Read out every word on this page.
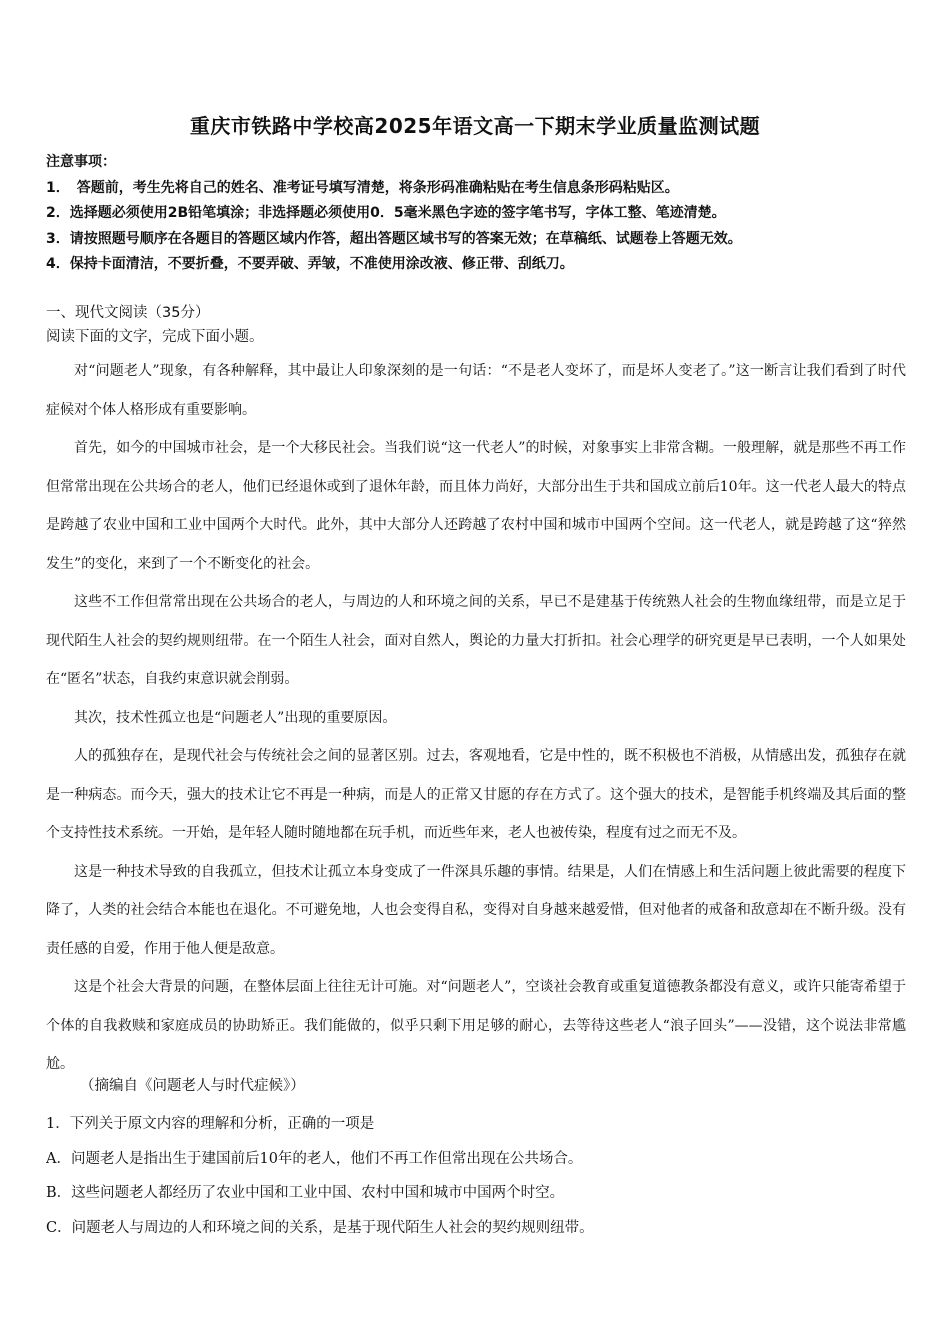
重庆市铁路中学校高2025年语文高一下期末学业质量监测试题

注意事项：

1．　答题前，考生先将自己的姓名、准考证号填写清楚，将条形码准确粘贴在考生信息条形码粘贴区。

2．选择题必须使用2B铅笔填涂；非选择题必须使用0．5毫米黑色字迹的签字笔书写，字体工整、笔迹清楚。

3．请按照题号顺序在各题目的答题区域内作答，超出答题区域书写的答案无效；在草稿纸、试题卷上答题无效。

4．保持卡面清洁，不要折叠，不要弄破、弄皱，不准使用涂改液、修正带、刮纸刀。

一、现代文阅读（35分）
阅读下面的文字，完成下面小题。

对“问题老人”现象，有各种解释，其中最让人印象深刻的是一句话：“不是老人变坏了，而是坏人变老了。”这一断言让我们看到了时代症候对个体人格形成有重要影响。

首先，如今的中国城市社会，是一个大移民社会。当我们说“这一代老人”的时候，对象事实上非常含糊。一般理解，就是那些不再工作但常常出现在公共场合的老人，他们已经退休或到了退休年龄，而且体力尚好，大部分出生于共和国成立前后10年。这一代老人最大的特点是跨越了农业中国和工业中国两个大时代。此外，其中大部分人还跨越了农村中国和城市中国两个空间。这一代老人，就是跨越了这“猝然发生”的变化，来到了一个不断变化的社会。

这些不工作但常常出现在公共场合的老人，与周边的人和环境之间的关系，早已不是建基于传统熟人社会的生物血缘纽带，而是立足于现代陌生人社会的契约规则纽带。在一个陌生人社会，面对自然人，舆论的力量大打折扣。社会心理学的研究更是早已表明，一个人如果处在“匿名”状态，自我约束意识就会削弱。

其次，技术性孤立也是“问题老人”出现的重要原因。

人的孤独存在，是现代社会与传统社会之间的显著区别。过去，客观地看，它是中性的，既不积极也不消极，从情感出发，孤独存在就是一种病态。而今天，强大的技术让它不再是一种病，而是人的正常又甘愿的存在方式了。这个强大的技术，是智能手机终端及其后面的整个支持性技术系统。一开始，是年轻人随时随地都在玩手机，而近些年来，老人也被传染，程度有过之而无不及。

这是一种技术导致的自我孤立，但技术让孤立本身变成了一件深具乐趣的事情。结果是，人们在情感上和生活问题上彼此需要的程度下降了，人类的社会结合本能也在退化。不可避免地，人也会变得自私，变得对自身越来越爱惜，但对他者的戒备和敌意却在不断升级。没有责任感的自爱，作用于他人便是敌意。

这是个社会大背景的问题，在整体层面上往往无计可施。对“问题老人”，空谈社会教育或重复道德教条都没有意义，或许只能寄希望于个体的自我救赎和家庭成员的协助矫正。我们能做的，似乎只剩下用足够的耐心，去等待这些老人“浪子回头”——没错，这个说法非常尴尬。

（摘编自《问题老人与时代症候》）

1．下列关于原文内容的理解和分析，正确的一项是

A．问题老人是指出生于建国前后10年的老人，他们不再工作但常出现在公共场合。

B．这些问题老人都经历了农业中国和工业中国、农村中国和城市中国两个时空。

C．问题老人与周边的人和环境之间的关系，是基于现代陌生人社会的契约规则纽带。
